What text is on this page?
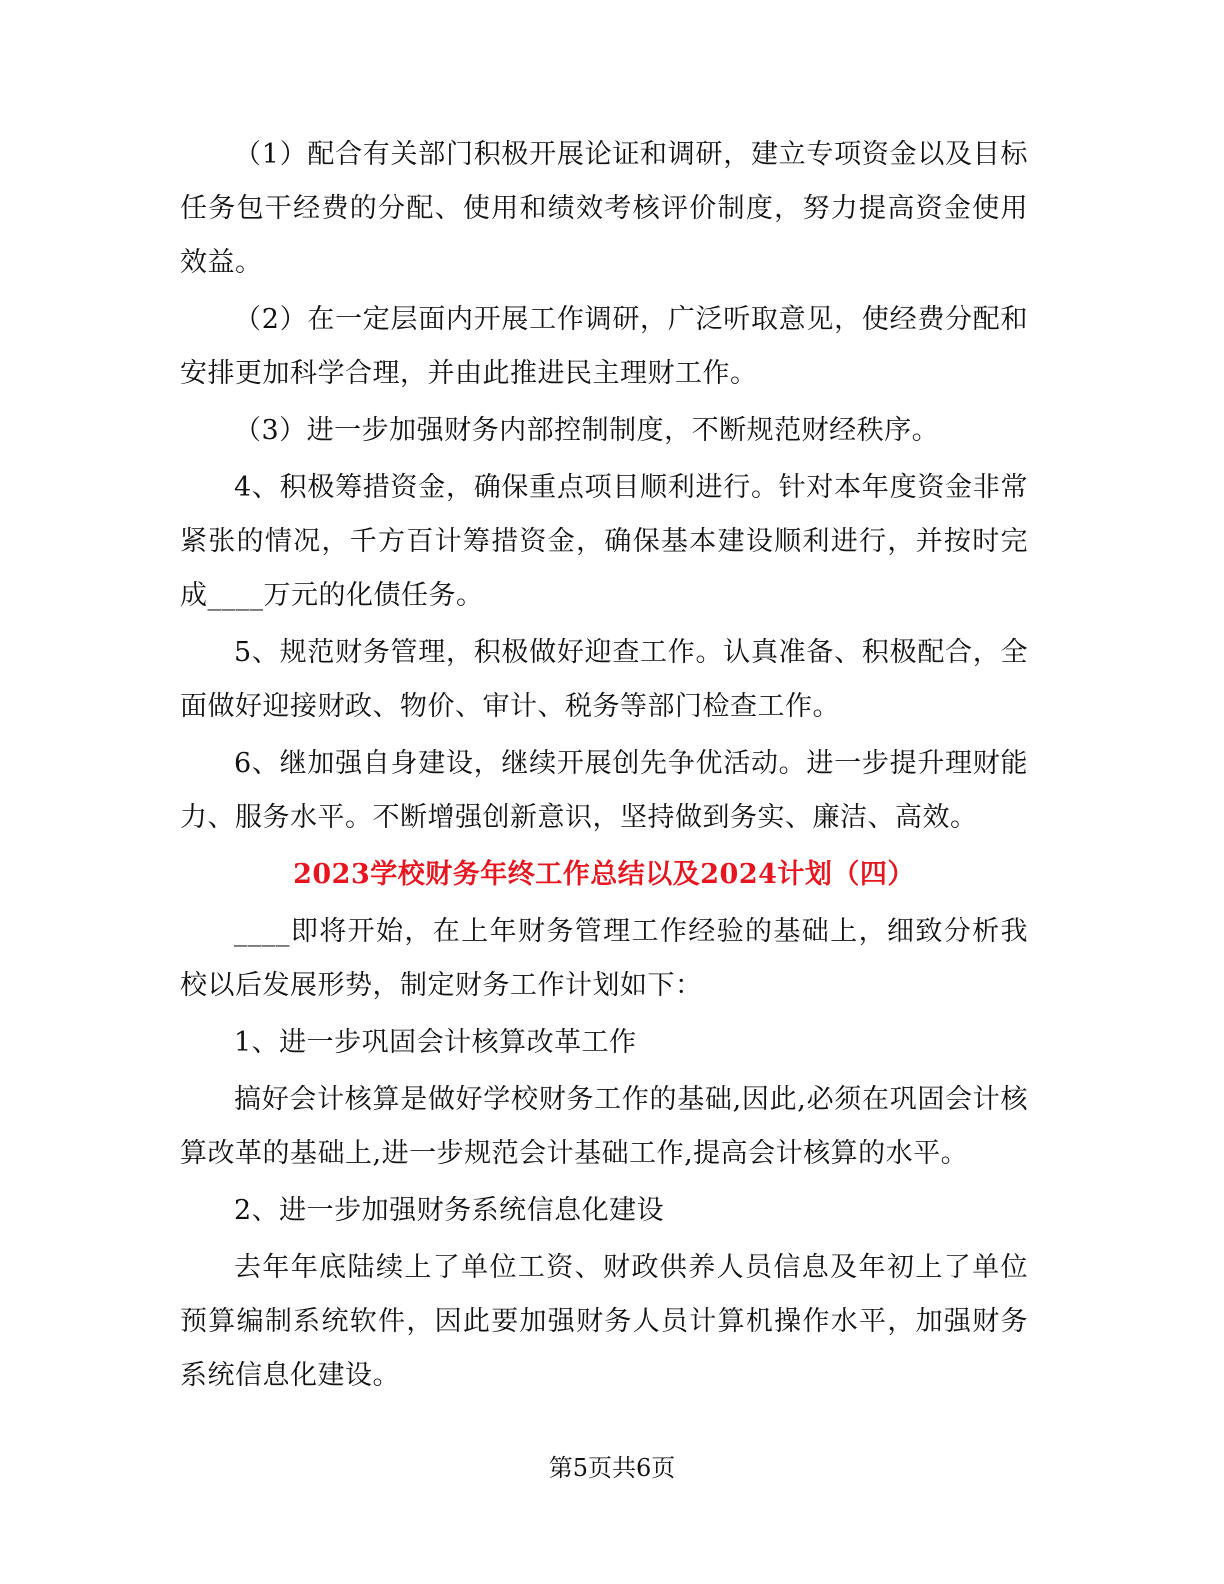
（1）配合有关部门积极开展论证和调研，建立专项资金以及目标任务包干经费的分配、使用和绩效考核评价制度，努力提高资金使用效益。

（2）在一定层面内开展工作调研，广泛听取意见，使经费分配和安排更加科学合理，并由此推进民主理财工作。

（3）进一步加强财务内部控制制度，不断规范财经秩序。

4、积极筹措资金，确保重点项目顺利进行。针对本年度资金非常紧张的情况，千方百计筹措资金，确保基本建设顺利进行，并按时完成____万元的化债任务。

5、规范财务管理，积极做好迎查工作。认真准备、积极配合，全面做好迎接财政、物价、审计、税务等部门检查工作。

6、继加强自身建设，继续开展创先争优活动。进一步提升理财能力、服务水平。不断增强创新意识，坚持做到务实、廉洁、高效。

2023学校财务年终工作总结以及2024计划（四）

____即将开始，在上年财务管理工作经验的基础上，细致分析我校以后发展形势，制定财务工作计划如下：

1、进一步巩固会计核算改革工作

搞好会计核算是做好学校财务工作的基础,因此,必须在巩固会计核算改革的基础上,进一步规范会计基础工作,提高会计核算的水平。

2、进一步加强财务系统信息化建设

去年年底陆续上了单位工资、财政供养人员信息及年初上了单位预算编制系统软件，因此要加强财务人员计算机操作水平，加强财务系统信息化建设。

第5页共6页
